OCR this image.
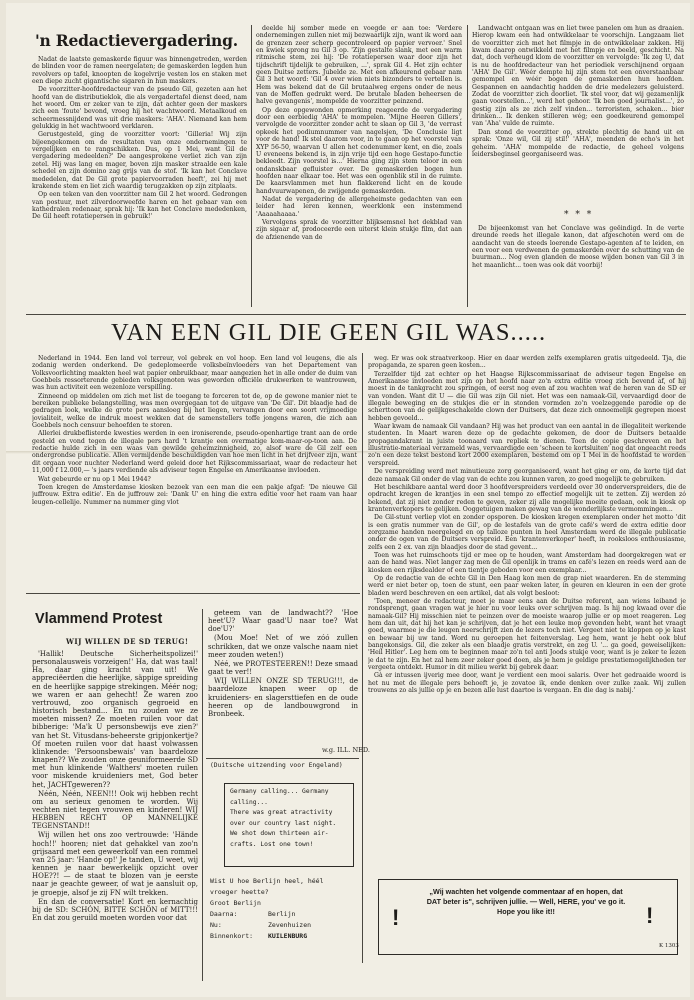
'n Redactievergadering.

Nadat de laatste gemaskerde figuur was binnengetreden, werden de blinden voor de ramen neergelaten; de gemaskerden legden hun revolvers op tafel, knoopten de kogelvrije vesten los en staken met een diepe zucht gigantische sigaren in hun maskers.

De voorzitter-hoofdredacteur van de pseudo Gil, gezeten aan het hoofd van de distributieklok, die als vergadertafel dienst deed, nam het woord. Om er zeker van te zijn, dat achter geen der maskers zich een 'foute' bevond, vroeg hij het wachtwoord. Metaalkoud en scheermessnijdend was uit drie maskers: 'AHA'. Niemand kan hem gelukkig in het wachtwoord verklaren.

Gerustgesteld, ging de voorzitter voort: 'Gilleria! Wij zijn bijeengekomen om de resultaten van onze ondernemingen te vergelijken en te rangschikken. Dus, op 1 Mei, want Gil de vergadering medeelden?' De aangesprokene verliet zich van zijn zetel. Hij was lang en mager, boven zijn masker straalde een kale schedel en zijn domino zag grijs van de stof. 'Ik kan het Conclave mededelen, dat De Gil grote papiervoorraden heeft', zei hij met krakende stem en liet zich waardig terugzakken op zijn zitplaats.

Op een teken van den voorzitter nam Gil 2 het woord. Gedrongen van postuur, met zilverdoorweefde haren en het gebaar van een kathedralen redenaar, sprak hij: 'Ik kan het Conclave mededenken, De Gil heeft rotatiepersen in gebruik!'

deelde hij somber mede en voegde er aan toe: 'Verdere ondernemingen zullen niet mij bezwaarlijk zijn, want ik word aan de grenzen zeer scherp gecontroleerd op papier vervoer.' Snel en kwiek sprong nu Gil 3 op. 'Zijn gestalte slank, met een warm ritmische stem, zei hij: 'De rotatiepersen waar door zijn het tijdschrift tijdelijk te gebruiken, ...', sprak Gil 4. Het zijn echter geen Duitse zetters. Jubelde ze. Met een afkeurend gebaar nam Gil 3 het woord: 'Gil 4 over wien niets bizonders te vertellen is. Hem was bekend dat de Gil brutaalweg ergens onder de neus van de Moffen gedrukt werd. De brutale bladen beheersen de halve gevangenis', mompelde de voorzitter peinzend.

Op deze opgewonden opmerking reageerde de vergadering door een eerbiedig 'AHA' te mompelen. 'Mijne Heeren Gillers', vervolgde de voorzitter zonder acht te slaan op Gil 3, 'de verrast opkeek het podiumnummer van nagelsjen, 'De Conclusie ligt voor de hand! Ik stel daarom voor, in te gaan op het voorstel van XYP 56-50, waarvan U allen het codenummer kent, en die, zoals U eveneens bekend is, in zijn vrije tijd een hoge Gestapo-functie bekleedt. Zijn voorstel is...' Hierna ging zijn stem teloor in een ondanskbaar gefluister over. De gemaskerden bogen hun hoofden naar elkaar toe. Het was een ogenblik stil in de ruimte. De kaarsvlammen met hun flakkerend licht en de koude handvuurwapenen, de zwijgende gemaskerden.

Nadat de vergadering de allergeheimste gedachten van een leider had leren kennen, weerklonk een instemmend 'Aaaaahaaaa.'

Vervolgens sprak de voorzitter blijksemsnel het dekblad van zijn sigaar af, prodoceerde een uiterst klein stukje film, dat aan de afzienende van de

Landwacht ontgaan was en liet twee panelen om hun as draaien. Hierop kwam een had ontwikkelaar te voorschijn. Langzaam liet de voorzitter zich met het filmpje in de ontwikkelaar zakken. Hij kwam daarop ontwikkeld met het filmpje en beeld, geschicht. Na dat, doch verheugd klom de voorzitter en vervolgde: 'Ik zeg U, dat is nu de hoofdredacteur van het periodiek verschijnend orgaan 'AHA' De Gil'. Wéér dempte hij zijn stem tot een onverstaanbaar gemompel en wéér bogen de gemaskerden hun hoofden. Gespannen en aandachtig hadden de drie medelezers geluisterd. Zodat de voorzitter zich doorliet. 'Ik stel voor, dat wij gezamenlijk gaan voorstellen...', werd het gehoor. 'Ik ben goed journalist...', zo gestig zijn als ze zich zelf vinden... terroristen, schaken... bier drinken... Ik denken stilleren wég; een goedkeurend gemompel van 'Aha' vulde de ruimte.

Dan stond de voorzitter op, strekte plechtig de hand uit en sprak: 'Onze wil, Gil zij stil!' 'AHA', meenden de echo's in het geheim. 'AHA' mompelde de redactie, de geheel volgens leidersbeginsel georganiseerd was.

* * *

De bijeenkomst van het Conclave was geëindigd. In de verte dreunde reeds het illegale kanon, dat afgeschoten werd om de aandacht van de steeds loerende Gestapo-agenten af te leiden, en een voor een verdwenen de gemaskerden over de schutting van de buurman... Nog even glanden de moose wijden bonen van Gil 3 in het maanlicht... toen was ook dát voorbij!

VAN EEN GIL DIE GEEN GIL WAS.....

Nederland in 1944. Een land vol terreur, vol gebrek en vol hoop. Een land vol leugens, die als zodanig werden onderkend. De gedeplomeerde volksbeïnvloeders van het Departement van Volksvoorlichting maakten heel wat papier onbruikbaar, maar aangezien het in alle onder de duim van Goebbels ressorterende gebieden volksgenoten was geworden officiële drukwerken te wantrouwen, was hun activiteit een wezenloze verspilling.

Zinneend op middelen om zich met list de toegang te forceren tot de, op de gewone manier niet te bereiken publieke belangstelling, was men overgegaan tot de uitgave van 'De Gil'. Dit blaadje had de gedragen look, welke de grote pers aansloeg bij het liegen, vervangen door een soort vrijmoedige jovialiteit, welke de indruk moest wekken dat de samenstellers toffe jongens waren, die zich aan Goebbels noch censuur behoefden te storen.

Allerlei drukbeflisterde kwesties werden in een ironiserende, pseudo-openhartige trant aan de orde gesteld en vond tegen de illegale pers hard 't krantje een overmatige kom-maar-op-toon aan. De redactie hulde zich in een waas van gewilde geheimzinnigheid, zo, alsof ware de Gil zelf een ondergrondse publicatie. Allen vermijdende beschuldigden van hoe men licht in het drijfveer zijn, want dit orgaan voor nuchter Nederland werd geleid door het Rijkscommissariaat, waar de redacteur het 11,000 f 12.000,— 's jaars verdiende als adviseur tegen Engelse en Amerikaanse invloeden.

Wat gebeurde er nu op 1 Mei 1944?

Toen kregen de Amsterdamse kiosken bezoek van een man die een pakje afgaf: 'De nieuwe Gil juffrouw. Extra editie'. En de juffrouw zei: 'Dank U' en hing die extra editie voor het raam van haar leugen-cellelije. Nummer na nummer ging vlot

weg. Er was ook straatverkoop. Hier en daar werden zelfs exemplaren gratis uitgedeeld. Tja, die propaganda, ze sparen geen kosten...

Terzelfder tijd zat echter op het Haagse Rijkscommissariaat de adviseur tegen Engelse en Amerikaanse invloeden met zijn op het hoofd naar zo'n extra editie vroeg zich bevend af, of hij moest in de tankgracht zou springen, of eerst nog even af zou wachten wat de heren van de SD er van vonden. Want dit U — die Gil was zijn Gil niet. Het was een namaak-Gil, vervaardigd door de illegale beweging en de stukjes die er in stonden vormden zo'n voelzeggende parodie op de scherttoon van de gelijkgeschakelde clown der Duitsers, dat deze zich onnoemelijk gegrepen moest hebben gevoeld...

Waar kwam de namaak Gil vandaan? Hij was het product van een aantal in de illegaliteit werkende studenten. In Maart waren deze op de gedachte gekomen, de door de Duitsers betaalde propagandakrant in juiste toonaard van repliek te dienen. Toen de copie geschreven en het illustratie-materiaal verzameld was, vervaardigde een 'scheen te kortsluiten' nog dat ongeacht reeds zo'n een deze tekst bestond kort 2000 exemplaren, bestemd om op 1 Mei in de hoofdstad te worden verspreid.

De verspreiding werd met minutieuze zorg georganiseerd, want het ging er om, de korte tijd dat deze namaak Gil onder de vlag van de echte zou kunnen varen, zo goed mogelijk te gebruiken.

Het beschikbare aantal werd door 3 hoofdverspreiders verdeeld over 30 onderverspreiders, die de opdracht kregen de krantjes in een snel tempo zo effectief mogelijk uit te zetten. Zij werden zó bekend, dat zij niet zonder reden te geven, zeker zij alle mogelijke moeite gedaan, ook in kiosk op krantenverkopers te gelijken. Ooggetuigen maken gewag van de wonderlijkste vermommingen...

De Gil-stunt verliep vlot en zonder opsporen. De kiosken kregen exemplaren onder het motto 'dit is een gratis nummer van de Gil', op de lestafels van de grote café's werd de extra editie door zorgzame handen neergelegd en op talloze punten in heel Amsterdam werd de illegale publicatie onder de ogen van de Duitsers verspreid. Een 'krantenverkoper' heeft, in rooksloos enthousiasme, zelfs een 2 ex. van zijn blaadjes door de stad gevent...

Toen was het ruimschoots tijd er mee op te houden, want Amsterdam had doorgekregen wat er aan de hand was. Niet langer zag men de Gil openlijk in trams en café's lezen en reeds werd aan de kiosken een rijksdealder of een tientje geboden voor een exemplaar...

Op de redactie van de echte Gil in Den Haag kon men de grap niet waarderen. En de stemming werd er niet beter op, toen de stunt, een paar weken later, in geuren en kleuren in een der grote bladen werd beschreven en een artikel, dat als volgt besloot:

'Toen, meneer de redacteur, moet je maar eens aan de Duitse referent, aan wiens leiband je rondsprengt, gaan vragen wat je hier nu voor leuks over schrijven mag. Is hij nog kwaad over die namaak-Gil? Hij misschien niet te peinzen over de moeiste waarop jullie er op moet reageren. Leg hem dan uit, dat hij het kan je schrijven, dat je het een leuke mop gevonden hebt, want het vraagt goed, waarmee je die leugen neerschrijft zien de lezers toch niet. Vergeet niet te kloppen op je kast en bewaar bij uw tand. Word nu geroepen het feitenverslag. Leg hem, want je hebt ook bluf bangekonsigs. Gil, die zeker als een blaadje gratis verstrekt, en zeg U. '... ga goed, geweiselijken: 'Heil Hitler'. Leg hem om te beginnen maar zo'n tel anti Joods stukje voor, want is je zeker te lezen je dat te zijn. En het zal hem zeer zeker goed doen, als je hem je geldige prestatiemogelijkheden ter vergeeta ontdekt. Humor in dit milieu werkt bij gebrek daar.

Gà er intussen ijverig mee door, want je verdient een mooi salaris. Over het gedraaide woord is het nu met de illegale pers behoeft je, je zovatoe ik, ende denken over zulke zaak. Wij zullen trouwens zo als jullie op je en bezen alle lust daartoe is vergaan. En die dag is nabij.'

Vlammend Protest
WIJ WILLEN DE SD TERUG!

'Hallik! Deutsche Sicherheitspolizei!' personalausweis vorzeigen!' Ha, dat was taal! Ha, daar ging kracht van uit! We appreciëerden die heerlijke, säppige spreiding en de heerlijke sappige strekingen. Méér nog; we waren er aan gehecht! Ze waren zoo vertrouwd, zoo organisch gegroeid en historisch bestand... En nu zouden we ze moeten missen? Ze moeten ruilen voor dat bibberige: 'Ma'k U personsbewijs eve zien?' van het St. Vitusdans-beheerste gripjonkertje? Of moeten ruilen voor dat haast volwassen klinkende: 'Persoonsbewais' van baardeloze knapen?? We zouden onze geuniformeerde SD met hun klinkende 'Walthers' moeten ruilen voor miskende kruideniers met, God beter het, JACHTgeweren??

Néén, Néén, NEEN!!! Ook wij hebben recht om au serieux genomen te worden. Wij vechten niet tegen vrouwen en kinderen! WIJ HEBBEN RECHT OP MANNELIJKE TEGENSTAND!!

Wij willen het ons zoo vertrouwde: 'Hände hoch!!' hooren; niet dat gehakkel van zoo'n grijsaard met een geweerkolf van een rommel van 25 jaar: 'Hande op!' Je tanden, U weet, wij kennen je naar bewerkelijk opzicht over HOE??! — de staat te blozen van je eerste naar je geachte geweer, of wat je aansluit op, je groepje, alsof je zij FN wilt trekken.

En dan de conversatie! Kort en kernachtig bij de SD: SCHÓN, BITTE SCHÖN of MITT!!! En dat zou geruild moeten worden voor dat

geteem van de landwacht?? 'Hoe heet'U? Waar gaad'U naar toe? Wat doe'U?'

(Mou Moe! Net of we zóó zullen schrikken, dat we onze valsche naam niet meer zouden weten!)

Néé, we PROTESTEEREN!! Deze smaad gaat te ver!!

WIJ WILLEN ONZE SD TERUG!!!, de baardeloze knapen weer op de kruideniers- en slagersttiefen en de oude heeren op de landbouwgrond in Bronbeek.

w.g. ILL. NED.
(Duitsche uitzending voor Engeland)
Germany calling... Germany
calling...
There was great atractivity
over our country last night.
We shot down thirteen air-
crafts. Lost one town!
Wist U hoe Berlijn heel, héél
vroeger heette?
Groot Berlijn
Daarna:	Berlijn
Nu:	Zevenhuizen
Binnenkort: KUILENBURG
!	!
„Wij wachten het volgende commentaar af en hopen, dat DAT beter is", schrijven jullie. — Well, HERE, you' ve go it. Hope you like it!!
K 1303
